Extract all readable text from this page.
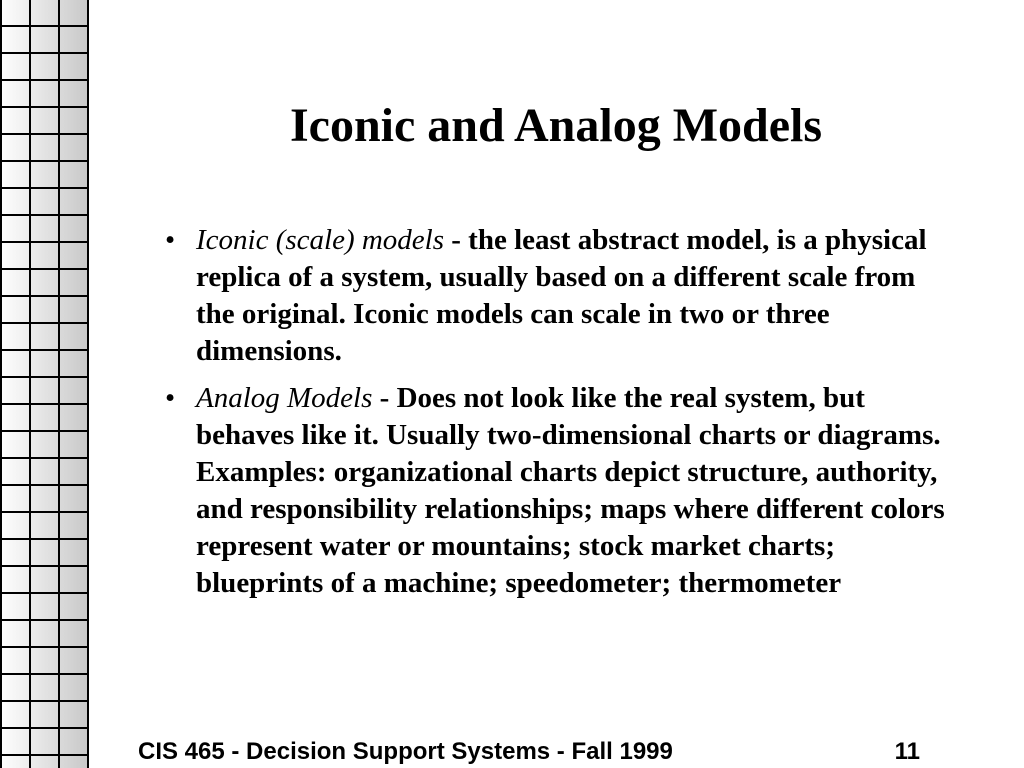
Iconic and Analog Models
• Iconic (scale) models - the least abstract model, is a physical replica of a system, usually based on a different scale from the original. Iconic models can scale in two or three dimensions.
• Analog Models - Does not look like the real system, but behaves like it. Usually two-dimensional charts or diagrams. Examples: organizational charts depict structure, authority, and responsibility relationships; maps where different colors represent water or mountains; stock market charts; blueprints of a machine; speedometer; thermometer
CIS 465 - Decision Support Systems - Fall 1999	11
